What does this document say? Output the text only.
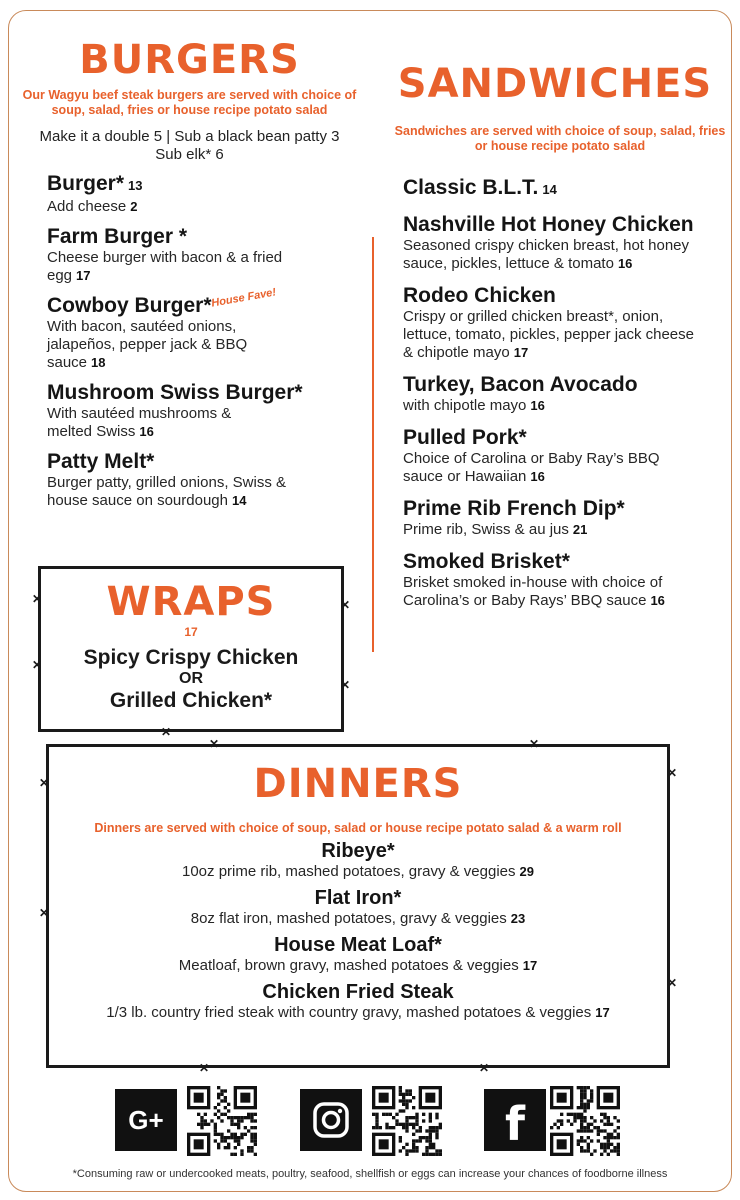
BURGERS
Our Wagyu beef steak burgers are served with choice of soup, salad, fries or house recipe potato salad
Make it a double 5 | Sub a black bean patty 3
Sub elk* 6
Burger* 13
Add cheese 2
Farm Burger *
Cheese burger with bacon & a fried egg 17
Cowboy Burger*
House Fave!
With bacon, sautéed onions, jalapeños, pepper jack & BBQ sauce 18
Mushroom Swiss Burger*
With sautéed mushrooms & melted Swiss 16
Patty Melt*
Burger patty, grilled onions, Swiss & house sauce on sourdough 14
SANDWICHES
Sandwiches are served with choice of soup, salad, fries or house recipe potato salad
Classic B.L.T. 14
Nashville Hot Honey Chicken
Seasoned crispy chicken breast, hot honey sauce, pickles, lettuce & tomato 16
Rodeo Chicken
Crispy or grilled chicken breast*, onion, lettuce, tomato, pickles, pepper jack cheese & chipotle mayo 17
Turkey, Bacon Avocado
with chipotle mayo 16
Pulled Pork*
Choice of Carolina or Baby Ray’s BBQ sauce or Hawaiian 16
Prime Rib French Dip*
Prime rib, Swiss & au jus 21
Smoked Brisket*
Brisket smoked in-house with choice of Carolina’s or Baby Rays’ BBQ sauce 16
WRAPS
17
Spicy Crispy Chicken
OR
Grilled Chicken*
✕
✕
✕
✕
✕
DINNERS
Dinners are served with choice of soup, salad or house recipe potato salad & a warm roll
Ribeye*
10oz prime rib, mashed potatoes, gravy & veggies 29
Flat Iron*
8oz flat iron, mashed potatoes, gravy & veggies 23
House Meat Loaf*
Meatloaf, brown gravy, mashed potatoes & veggies 17
Chicken Fried Steak
1/3 lb. country fried steak with country gravy, mashed potatoes & veggies 17
✕
✕
✕
✕
✕	✕
✕	✕
G+	f
*Consuming raw or undercooked meats, poultry, seafood, shellfish or eggs can increase your chances of foodborne illness
